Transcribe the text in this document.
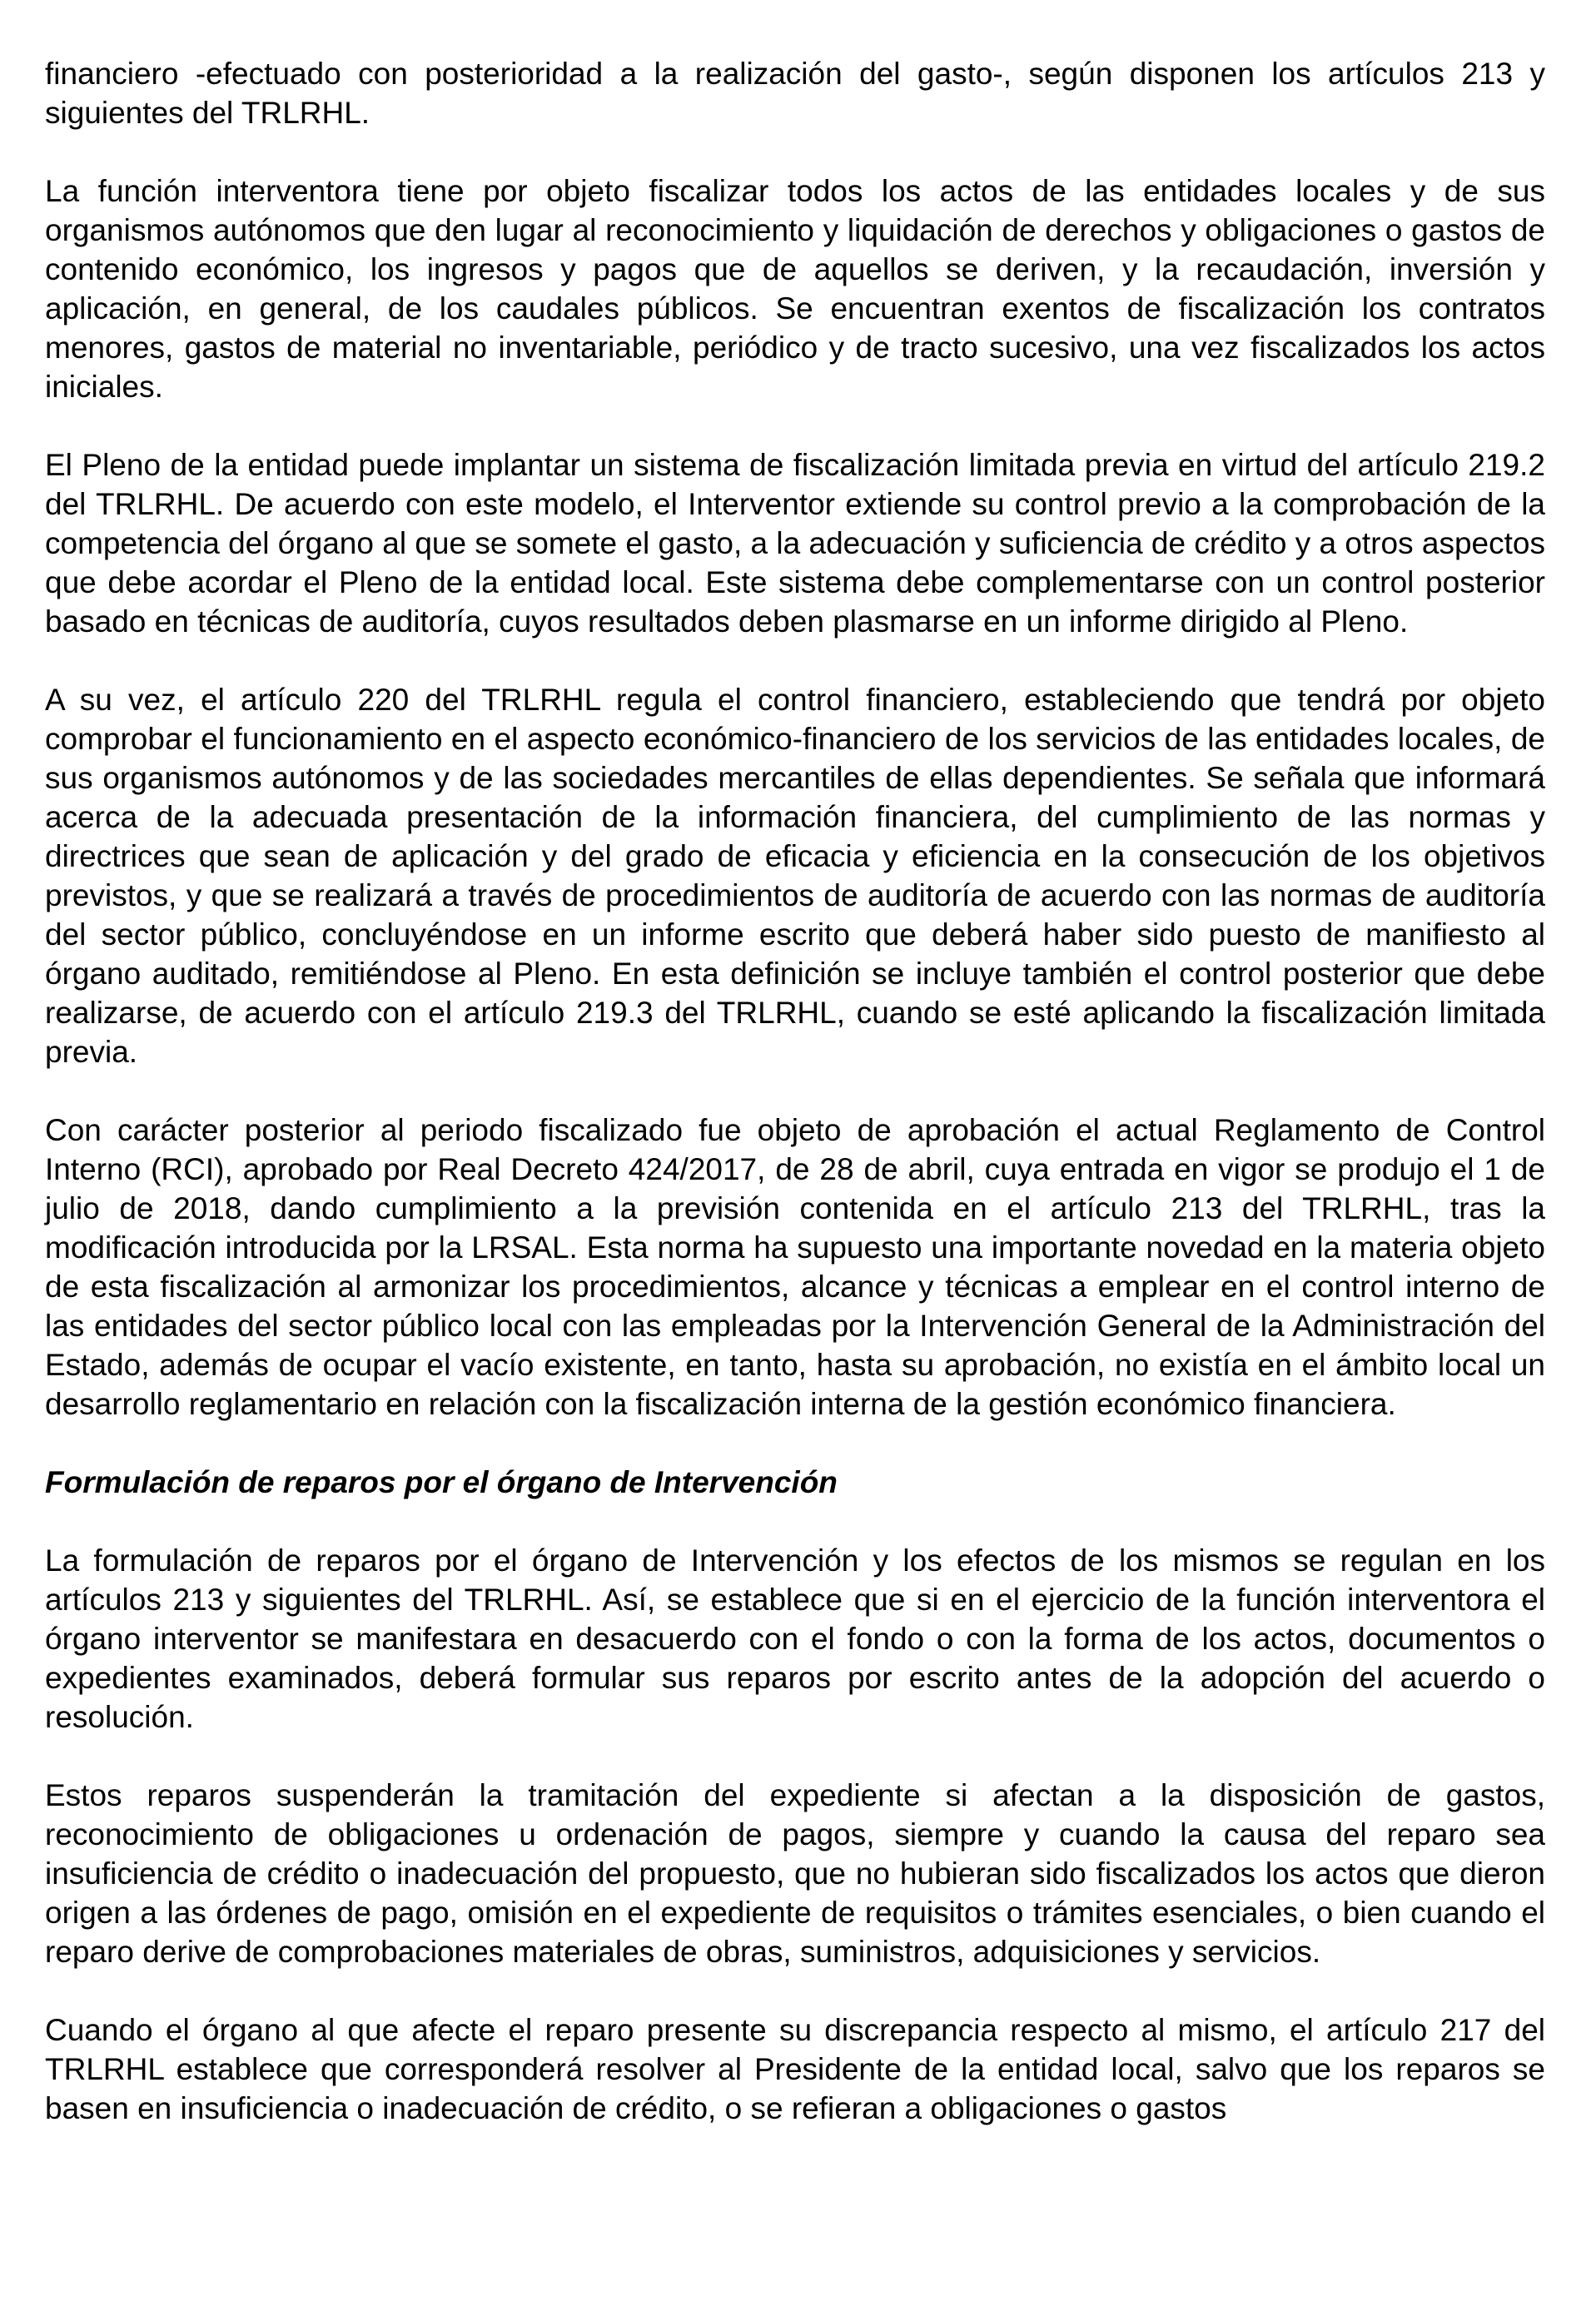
financiero -efectuado con posterioridad a la realización del gasto-, según disponen los artículos 213 y siguientes del TRLRHL.

La función interventora tiene por objeto fiscalizar todos los actos de las entidades locales y de sus organismos autónomos que den lugar al reconocimiento y liquidación de derechos y obligaciones o gastos de contenido económico, los ingresos y pagos que de aquellos se deriven, y la recaudación, inversión y aplicación, en general, de los caudales públicos. Se encuentran exentos de fiscalización los contratos menores, gastos de material no inventariable, periódico y de tracto sucesivo, una vez fiscalizados los actos iniciales.

El Pleno de la entidad puede implantar un sistema de fiscalización limitada previa en virtud del artículo 219.2 del TRLRHL. De acuerdo con este modelo, el Interventor extiende su control previo a la comprobación de la competencia del órgano al que se somete el gasto, a la adecuación y suficiencia de crédito y a otros aspectos que debe acordar el Pleno de la entidad local. Este sistema debe complementarse con un control posterior basado en técnicas de auditoría, cuyos resultados deben plasmarse en un informe dirigido al Pleno.

A su vez, el artículo 220 del TRLRHL regula el control financiero, estableciendo que tendrá por objeto comprobar el funcionamiento en el aspecto económico-financiero de los servicios de las entidades locales, de sus organismos autónomos y de las sociedades mercantiles de ellas dependientes. Se señala que informará acerca de la adecuada presentación de la información financiera, del cumplimiento de las normas y directrices que sean de aplicación y del grado de eficacia y eficiencia en la consecución de los objetivos previstos, y que se realizará a través de procedimientos de auditoría de acuerdo con las normas de auditoría del sector público, concluyéndose en un informe escrito que deberá haber sido puesto de manifiesto al órgano auditado, remitiéndose al Pleno. En esta definición se incluye también el control posterior que debe realizarse, de acuerdo con el artículo 219.3 del TRLRHL, cuando se esté aplicando la fiscalización limitada previa.

Con carácter posterior al periodo fiscalizado fue objeto de aprobación el actual Reglamento de Control Interno (RCI), aprobado por Real Decreto 424/2017, de 28 de abril, cuya entrada en vigor se produjo el 1 de julio de 2018, dando cumplimiento a la previsión contenida en el artículo 213 del TRLRHL, tras la modificación introducida por la LRSAL. Esta norma ha supuesto una importante novedad en la materia objeto de esta fiscalización al armonizar los procedimientos, alcance y técnicas a emplear en el control interno de las entidades del sector público local con las empleadas por la Intervención General de la Administración del Estado, además de ocupar el vacío existente, en tanto, hasta su aprobación, no existía en el ámbito local un desarrollo reglamentario en relación con la fiscalización interna de la gestión económico financiera.

Formulación de reparos por el órgano de Intervención

La formulación de reparos por el órgano de Intervención y los efectos de los mismos se regulan en los artículos 213 y siguientes del TRLRHL. Así, se establece que si en el ejercicio de la función interventora el órgano interventor se manifestara en desacuerdo con el fondo o con la forma de los actos, documentos o expedientes examinados, deberá formular sus reparos por escrito antes de la adopción del acuerdo o resolución.

Estos reparos suspenderán la tramitación del expediente si afectan a la disposición de gastos, reconocimiento de obligaciones u ordenación de pagos, siempre y cuando la causa del reparo sea insuficiencia de crédito o inadecuación del propuesto, que no hubieran sido fiscalizados los actos que dieron origen a las órdenes de pago, omisión en el expediente de requisitos o trámites esenciales, o bien cuando el reparo derive de comprobaciones materiales de obras, suministros, adquisiciones y servicios.

Cuando el órgano al que afecte el reparo presente su discrepancia respecto al mismo, el artículo 217 del TRLRHL establece que corresponderá resolver al Presidente de la entidad local, salvo que los reparos se basen en insuficiencia o inadecuación de crédito, o se refieran a obligaciones o gastos
